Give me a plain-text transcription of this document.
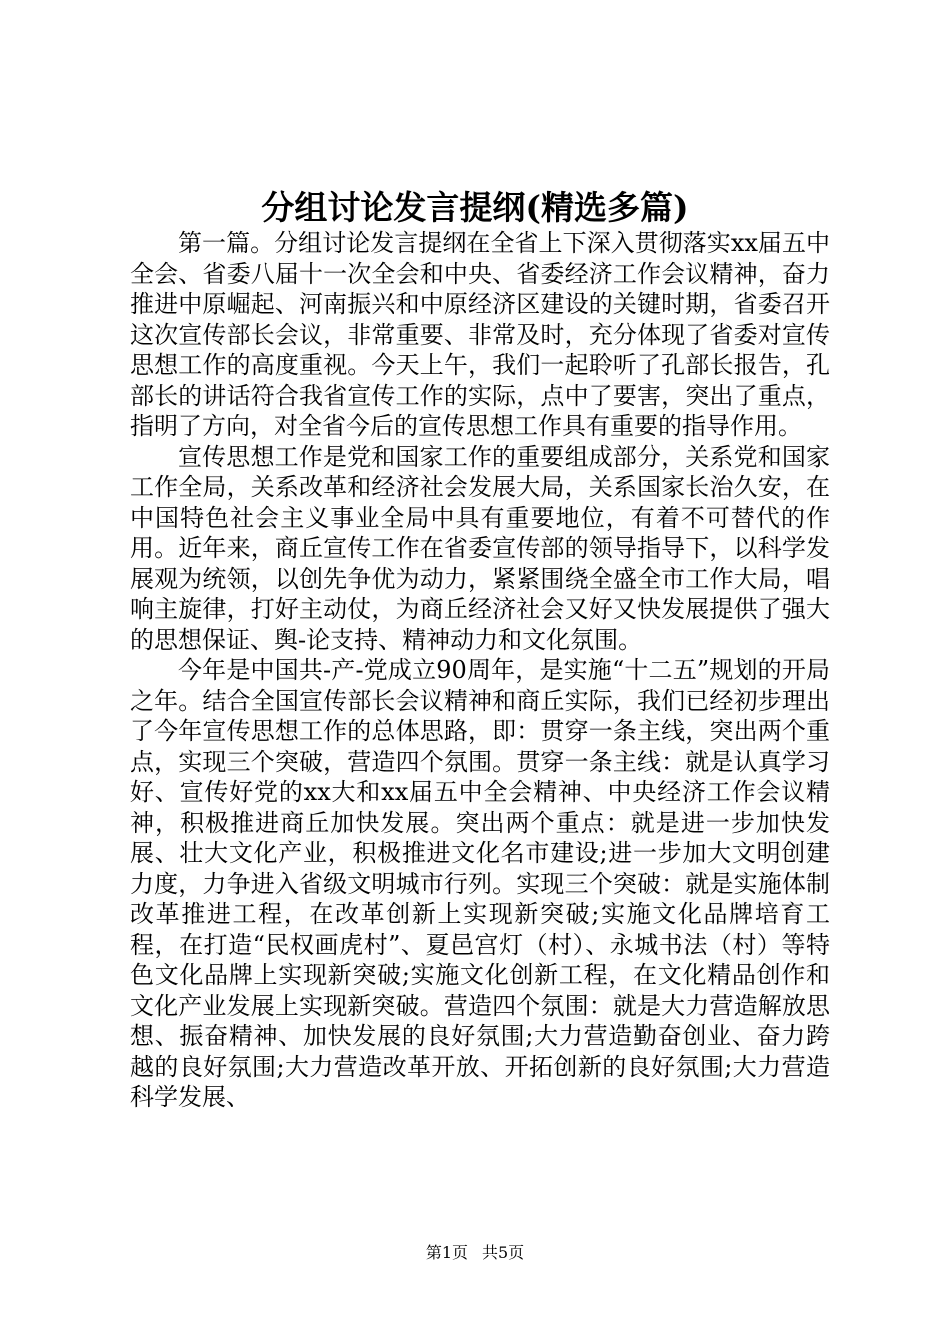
分组讨论发言提纲(精选多篇)

第一篇。分组讨论发言提纲在全省上下深入贯彻落实xx届五中全会、省委八届十一次全会和中央、省委经济工作会议精神，奋力推进中原崛起、河南振兴和中原经济区建设的关键时期，省委召开这次宣传部长会议，非常重要、非常及时，充分体现了省委对宣传思想工作的高度重视。今天上午，我们一起聆听了孔部长报告，孔部长的讲话符合我省宣传工作的实际，点中了要害，突出了重点，指明了方向，对全省今后的宣传思想工作具有重要的指导作用。

宣传思想工作是党和国家工作的重要组成部分，关系党和国家工作全局，关系改革和经济社会发展大局，关系国家长治久安，在中国特色社会主义事业全局中具有重要地位，有着不可替代的作用。近年来，商丘宣传工作在省委宣传部的领导指导下，以科学发展观为统领，以创先争优为动力，紧紧围绕全盛全市工作大局，唱响主旋律，打好主动仗，为商丘经济社会又好又快发展提供了强大的思想保证、舆-论支持、精神动力和文化氛围。

今年是中国共-产-党成立90周年，是实施“十二五”规划的开局之年。结合全国宣传部长会议精神和商丘实际，我们已经初步理出了今年宣传思想工作的总体思路，即：贯穿一条主线，突出两个重点，实现三个突破，营造四个氛围。贯穿一条主线：就是认真学习好、宣传好党的xx大和xx届五中全会精神、中央经济工作会议精神，积极推进商丘加快发展。突出两个重点：就是进一步加快发展、壮大文化产业，积极推进文化名市建设;进一步加大文明创建力度，力争进入省级文明城市行列。实现三个突破：就是实施体制改革推进工程，在改革创新上实现新突破;实施文化品牌培育工程，在打造“民权画虎村”、夏邑宫灯（村）、永城书法（村）等特色文化品牌上实现新突破;实施文化创新工程，在文化精品创作和文化产业发展上实现新突破。营造四个氛围：就是大力营造解放思想、振奋精神、加快发展的良好氛围;大力营造勤奋创业、奋力跨越的良好氛围;大力营造改革开放、开拓创新的良好氛围;大力营造科学发展、

第1页 共5页
